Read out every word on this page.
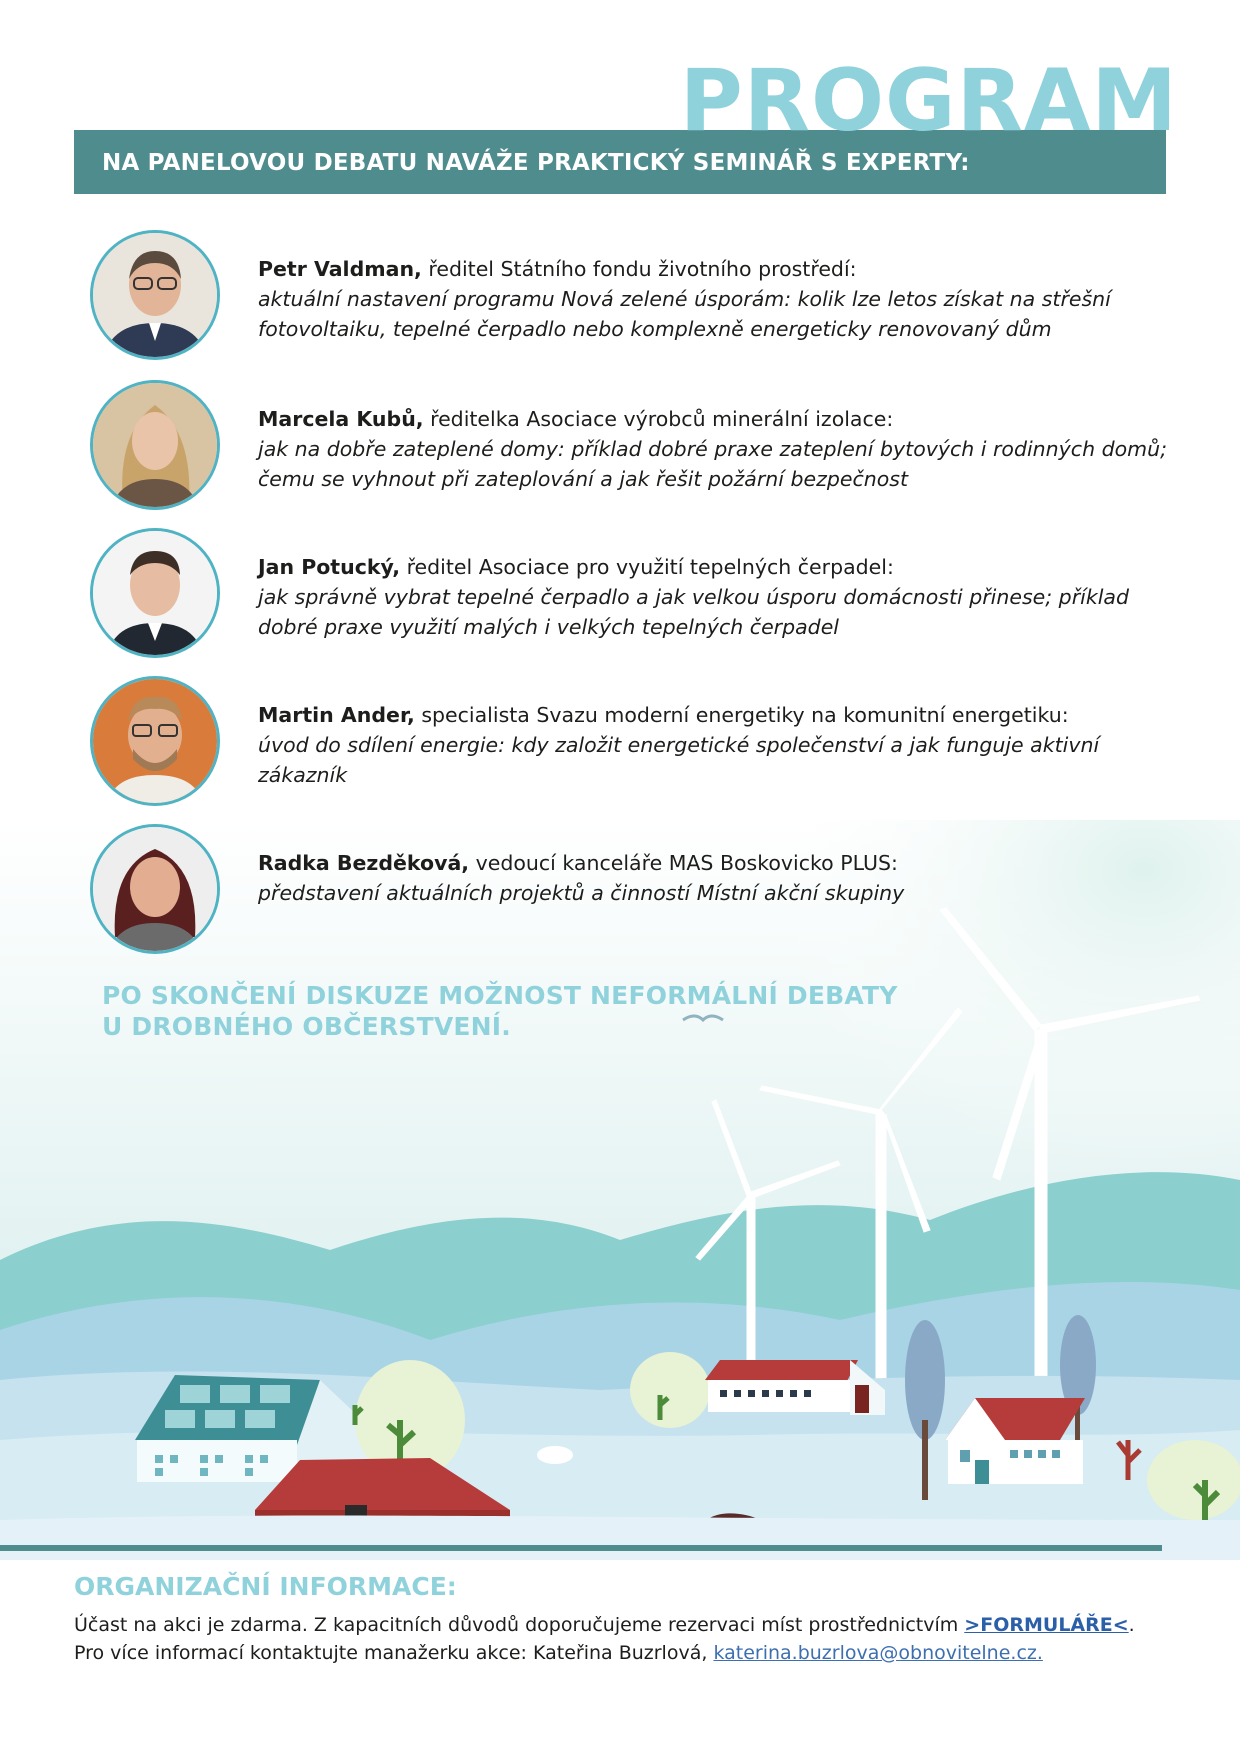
PROGRAM
NA PANELOVOU DEBATU NAVÁŽE PRAKTICKÝ SEMINÁŘ S EXPERTY:
Petr Valdman, ředitel Státního fondu životního prostředí:
aktuální nastavení programu Nová zelené úsporám: kolik lze letos získat na střešní fotovoltaiku, tepelné čerpadlo nebo komplexně energeticky renovovaný dům
Marcela Kubů, ředitelka Asociace výrobců minerální izolace:
jak na dobře zateplené domy: příklad dobré praxe zateplení bytových i rodinných domů; čemu se vyhnout při zateplování a jak řešit požární bezpečnost
Jan Potucký, ředitel Asociace pro využití tepelných čerpadel:
jak správně vybrat tepelné čerpadlo a jak velkou úsporu domácnosti přinese; příklad dobré praxe využití malých i velkých tepelných čerpadel
Martin Ander, specialista Svazu moderní energetiky na komunitní energetiku:
úvod do sdílení energie: kdy založit energetické společenství a jak funguje aktivní zákazník
Radka Bezděková, vedoucí kanceláře MAS Boskovicko PLUS:
představení aktuálních projektů a činností Místní akční skupiny
PO SKONČENÍ DISKUZE MOŽNOST NEFORMÁLNÍ DEBATY
U DROBNÉHO OBČERSTVENÍ.
ORGANIZAČNÍ INFORMACE:
Účast na akci je zdarma. Z kapacitních důvodů doporučujeme rezervaci míst prostřednictvím >FORMULÁŘE<.
Pro více informací kontaktujte manažerku akce: Kateřina Buzrlová, katerina.buzrlova@obnovitelne.cz.
